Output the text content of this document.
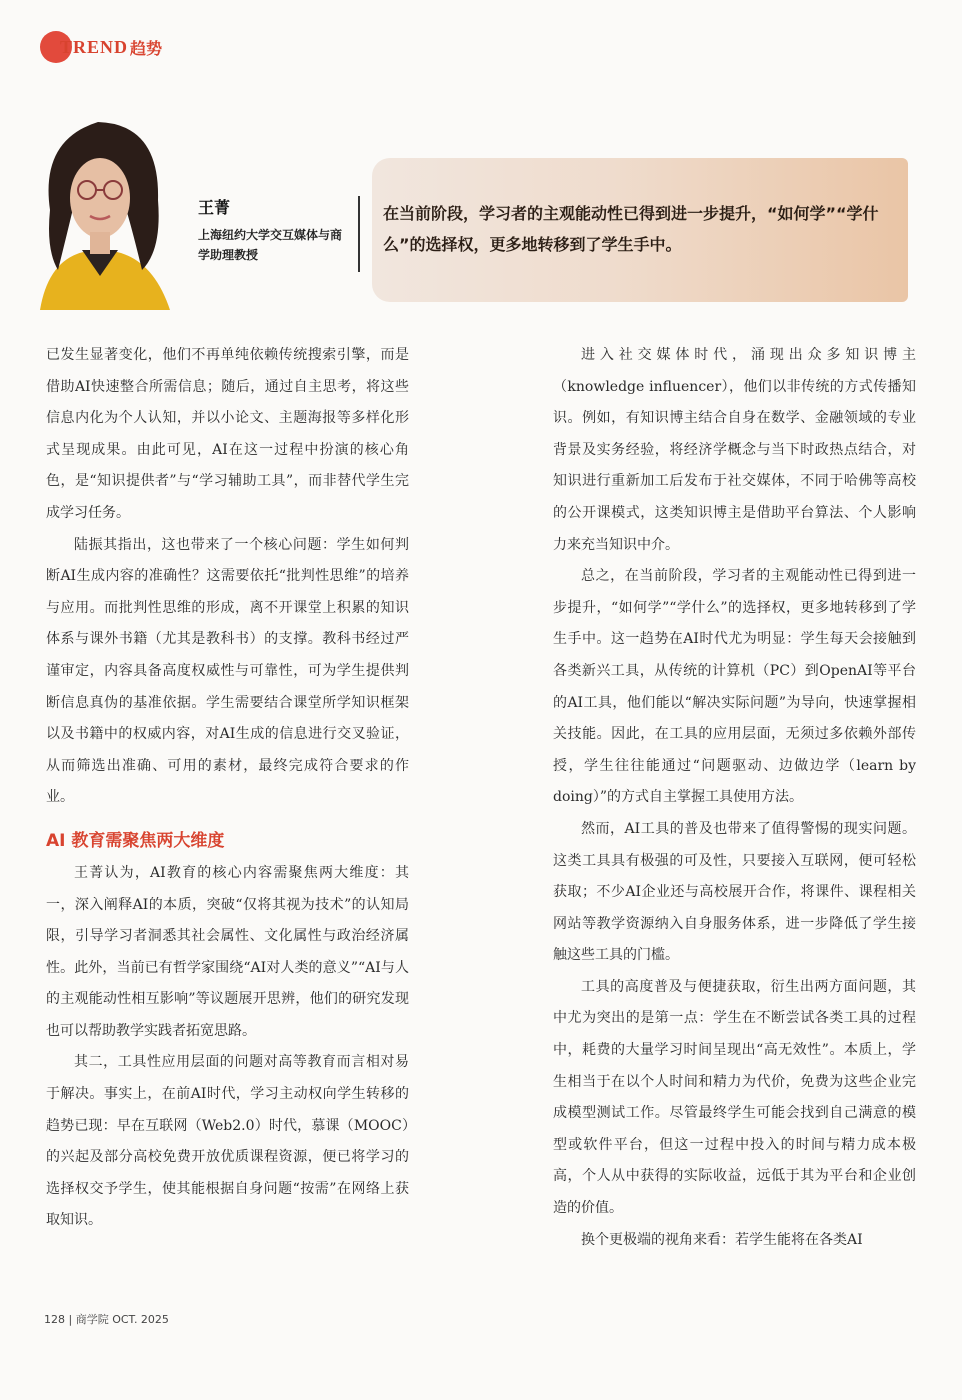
TREND 趋势
王菁
上海纽约大学交互媒体与商学助理教授

在当前阶段，学习者的主观能动性已得到进一步提升，“如何学”“学什么”的选择权，更多地转移到了学生手中。

已发生显著变化，他们不再单纯依赖传统搜索引擎，而是借助AI快速整合所需信息；随后，通过自主思考，将这些信息内化为个人认知，并以小论文、主题海报等多样化形式呈现成果。由此可见，AI在这一过程中扮演的核心角色，是“知识提供者”与“学习辅助工具”，而非替代学生完成学习任务。

陆振其指出，这也带来了一个核心问题：学生如何判断AI生成内容的准确性？这需要依托“批判性思维”的培养与应用。而批判性思维的形成，离不开课堂上积累的知识体系与课外书籍（尤其是教科书）的支撑。教科书经过严谨审定，内容具备高度权威性与可靠性，可为学生提供判断信息真伪的基准依据。学生需要结合课堂所学知识框架以及书籍中的权威内容，对AI生成的信息进行交叉验证，从而筛选出准确、可用的素材，最终完成符合要求的作业。

AI 教育需聚焦两大维度

王菁认为，AI教育的核心内容需聚焦两大维度：其一，深入阐释AI的本质，突破“仅将其视为技术”的认知局限，引导学习者洞悉其社会属性、文化属性与政治经济属性。此外，当前已有哲学家围绕“AI对人类的意义”“AI与人的主观能动性相互影响”等议题展开思辨，他们的研究发现也可以帮助教学实践者拓宽思路。

其二，工具性应用层面的问题对高等教育而言相对易于解决。事实上，在前AI时代，学习主动权向学生转移的趋势已现：早在互联网（Web2.0）时代，慕课（MOOC）的兴起及部分高校免费开放优质课程资源，便已将学习的选择权交予学生，使其能根据自身问题“按需”在网络上获取知识。

进入社交媒体时代，涌现出众多知识博主（knowledge influencer），他们以非传统的方式传播知识。例如，有知识博主结合自身在数学、金融领域的专业背景及实务经验，将经济学概念与当下时政热点结合，对知识进行重新加工后发布于社交媒体，不同于哈佛等高校的公开课模式，这类知识博主是借助平台算法、个人影响力来充当知识中介。

总之，在当前阶段，学习者的主观能动性已得到进一步提升，“如何学”“学什么”的选择权，更多地转移到了学生手中。这一趋势在AI时代尤为明显：学生每天会接触到各类新兴工具，从传统的计算机（PC）到OpenAI等平台的AI工具，他们能以“解决实际问题”为导向，快速掌握相关技能。因此，在工具的应用层面，无须过多依赖外部传授，学生往往能通过“问题驱动、边做边学（learn by doing）”的方式自主掌握工具使用方法。

然而，AI工具的普及也带来了值得警惕的现实问题。这类工具具有极强的可及性，只要接入互联网，便可轻松获取；不少AI企业还与高校展开合作，将课件、课程相关网站等教学资源纳入自身服务体系，进一步降低了学生接触这些工具的门槛。

工具的高度普及与便捷获取，衍生出两方面问题，其中尤为突出的是第一点：学生在不断尝试各类工具的过程中，耗费的大量学习时间呈现出“高无效性”。本质上，学生相当于在以个人时间和精力为代价，免费为这些企业完成模型测试工作。尽管最终学生可能会找到自己满意的模型或软件平台，但这一过程中投入的时间与精力成本极高，个人从中获得的实际收益，远低于其为平台和企业创造的价值。

换个更极端的视角来看：若学生能将在各类AI

128 | 商学院 OCT. 2025
